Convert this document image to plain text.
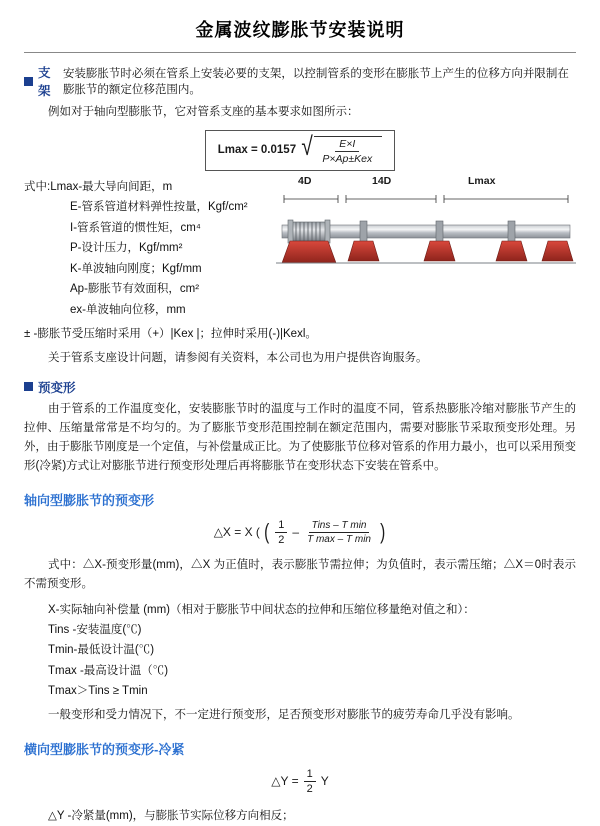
金属波纹膨胀节安装说明
支架
安装膨胀节时必须在管系上安装必要的支架，以控制管系的变形在膨胀节上产生的位移方向并限制在膨胀节的额定位移范围内。

例如对于轴向型膨胀节，它对管系支座的基本要求如图所示：

Lmax = 0.0157 √ $\frac{E\times I}{\text{P×Ap±Kex}}$
式中:Lmax-最大导向间距，m
E-管系管道材料弹性按量，Kgf/cm²
I-管系管道的惯性矩，cm⁴
P-设计压力，Kgf/mm²
K-单波轴向刚度；Kgf/mm
Ap-膨胀节有效面积，cm²
ex-单波轴向位移，mm
4D	14D	Lmax
± -膨胀节受压缩时采用（+）|Kex |；拉伸时采用(-)|Kexl。

关于管系支座设计问题，请参阅有关资料，本公司也为用户提供咨询服务。

预变形

由于管系的工作温度变化，安装膨胀节时的温度与工作时的温度不同，管系热膨胀冷缩对膨胀节产生的拉伸、压缩量常常是不均匀的。为了膨胀节变形范围控制在额定范围内，需要对膨胀节采取预变形处理。另外，由于膨胀节刚度是一个定值，与补偿量成正比。为了使膨胀节位移对管系的作用力最小，也可以采用预变形(冷紧)方式让对膨胀节进行预变形处理后再将膨胀节在变形状态下安装在管系中。

轴向型膨胀节的预变形
△X = X ( ( $\frac{1}{2} - \frac{\text{Tins – T min}}{\text{T max – T min}}$ )

式中：△X-预变形量(mm)，△X 为正值时，表示膨胀节需拉伸；为负值时，表示需压缩；△X＝0时表示不需预变形。

X-实际轴向补偿量 (mm)（相对于膨胀节中间状态的拉伸和压缩位移量绝对值之和）：
Tins -安装温度(℃)
Tmin-最低设计温(℃)
Tmax -最高设计温（℃)
Tmax＞Tins ≥ Tmin

一般变形和受力情况下，不一定进行预变形，足否预变形对膨胀节的疲劳寿命几乎没有影响。

横向型膨胀节的预变形-冷紧
△Y = $\frac{1}{2}$ Y

△Y -冷紧量(mm)，与膨胀节实际位移方向相反；
